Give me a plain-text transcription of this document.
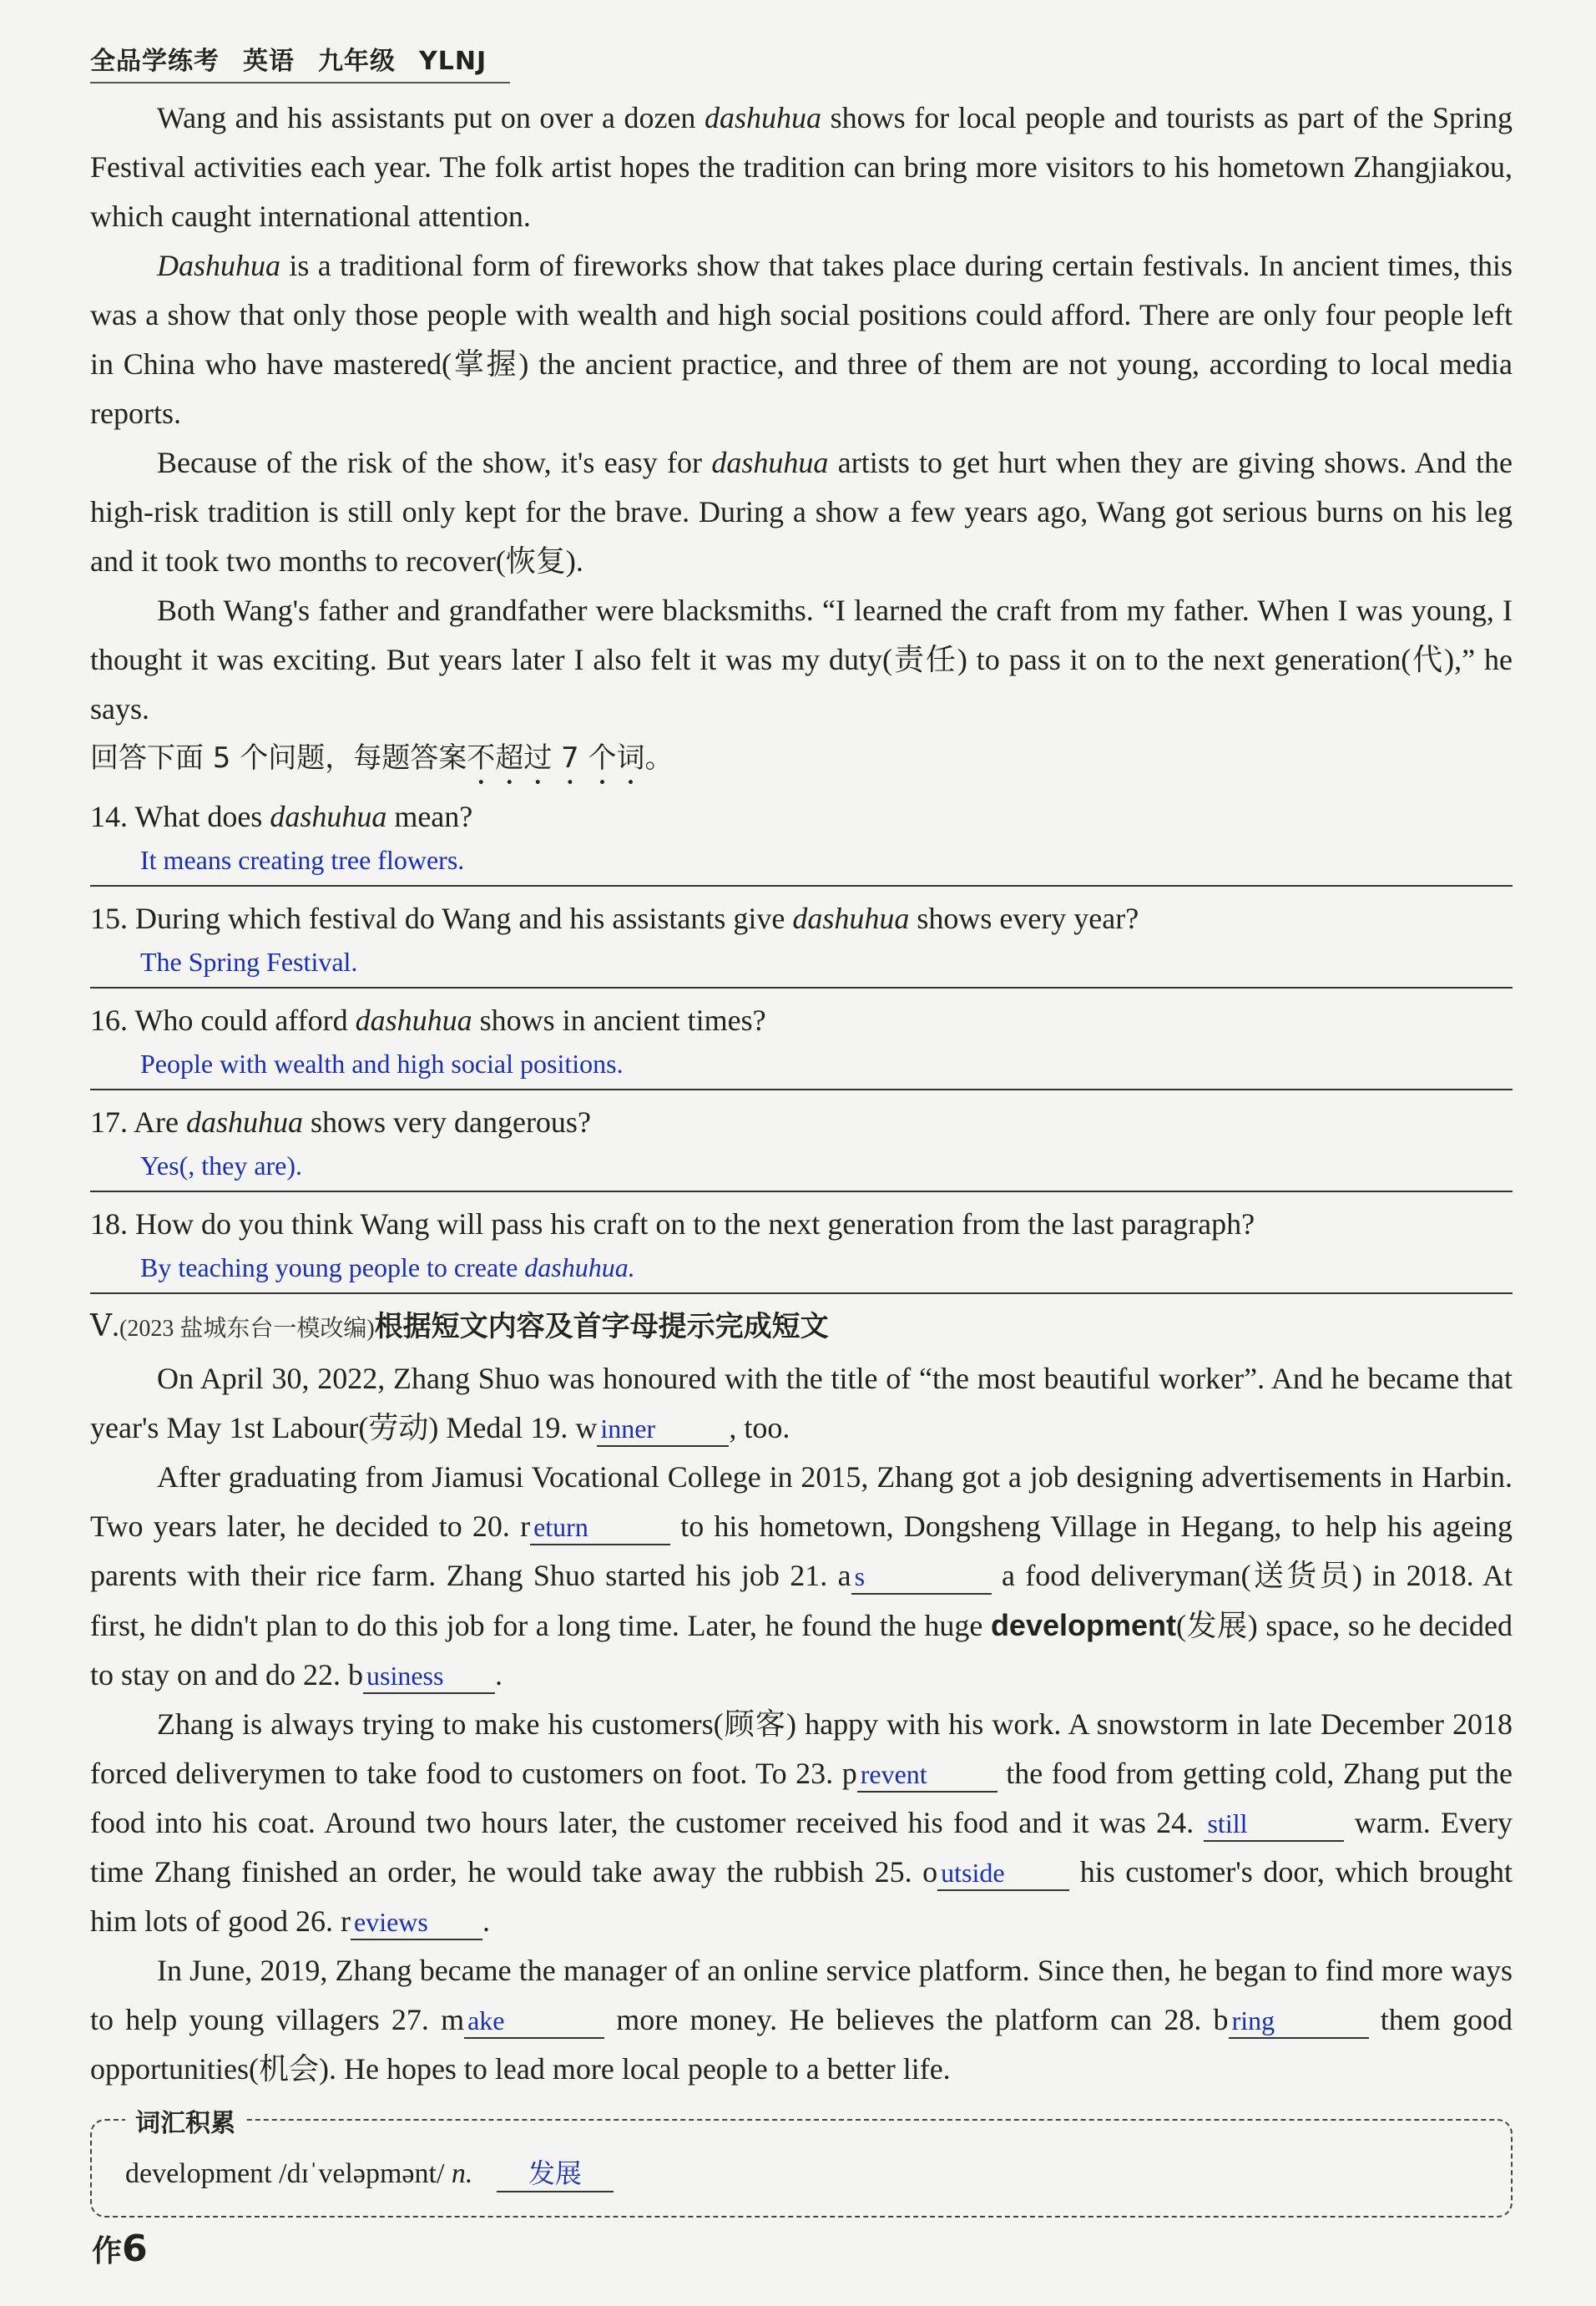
全品学练考 英语 九年级 YLNJ

Wang and his assistants put on over a dozen dashuhua shows for local people and tourists as part of the Spring Festival activities each year. The folk artist hopes the tradition can bring more visitors to his hometown Zhangjiakou, which caught international attention.

Dashuhua is a traditional form of fireworks show that takes place during certain festivals. In ancient times, this was a show that only those people with wealth and high social positions could afford. There are only four people left in China who have mastered(掌握) the ancient practice, and three of them are not young, according to local media reports.

Because of the risk of the show, it's easy for dashuhua artists to get hurt when they are giving shows. And the high-risk tradition is still only kept for the brave. During a show a few years ago, Wang got serious burns on his leg and it took two months to recover(恢复).

Both Wang's father and grandfather were blacksmiths. “I learned the craft from my father. When I was young, I thought it was exciting. But years later I also felt it was my duty(责任) to pass it on to the next generation(代),” he says.

回答下面 5 个问题，每题答案不超过 7 个词。

14. What does dashuhua mean?
It means creating tree flowers.
15. During which festival do Wang and his assistants give dashuhua shows every year?
The Spring Festival.
16. Who could afford dashuhua shows in ancient times?
People with wealth and high social positions.
17. Are dashuhua shows very dangerous?
Yes(, they are).
18. How do you think Wang will pass his craft on to the next generation from the last paragraph?
By teaching young people to create dashuhua.
Ⅴ.(2023 盐城东台一模改编)根据短文内容及首字母提示完成短文

On April 30, 2022, Zhang Shuo was honoured with the title of “the most beautiful worker”. And he became that year's May 1st Labour(劳动) Medal 19. w inner , too.

After graduating from Jiamusi Vocational College in 2015, Zhang got a job designing advertisements in Harbin. Two years later, he decided to 20. r eturn	to his hometown, Dongsheng Village in Hegang, to help his ageing parents with their rice farm. Zhang Shuo started his job 21. a s	a food deliveryman(送货员) in 2018. At first, he didn't plan to do this job for a long time. Later, he found the huge development(发展) space, so he decided to stay on and do 22. b usiness .

Zhang is always trying to make his customers(顾客) happy with his work. A snowstorm in late December 2018 forced deliverymen to take food to customers on foot. To 23. p revent the food from getting cold, Zhang put the food into his coat. Around two hours later, the customer received his food and it was 24. still	warm. Every time Zhang finished an order, he would take away the rubbish 25. o utside his customer's door, which brought him lots of good 26. r eviews .

In June, 2019, Zhang became the manager of an online service platform. Since then, he began to find more ways to help young villagers 27. m ake	more money. He believes the platform can 28. b ring	them good opportunities(机会). He hopes to lead more local people to a better life.

词汇积累
development /dɪˈveləpmənt/ n. 发展
作6
